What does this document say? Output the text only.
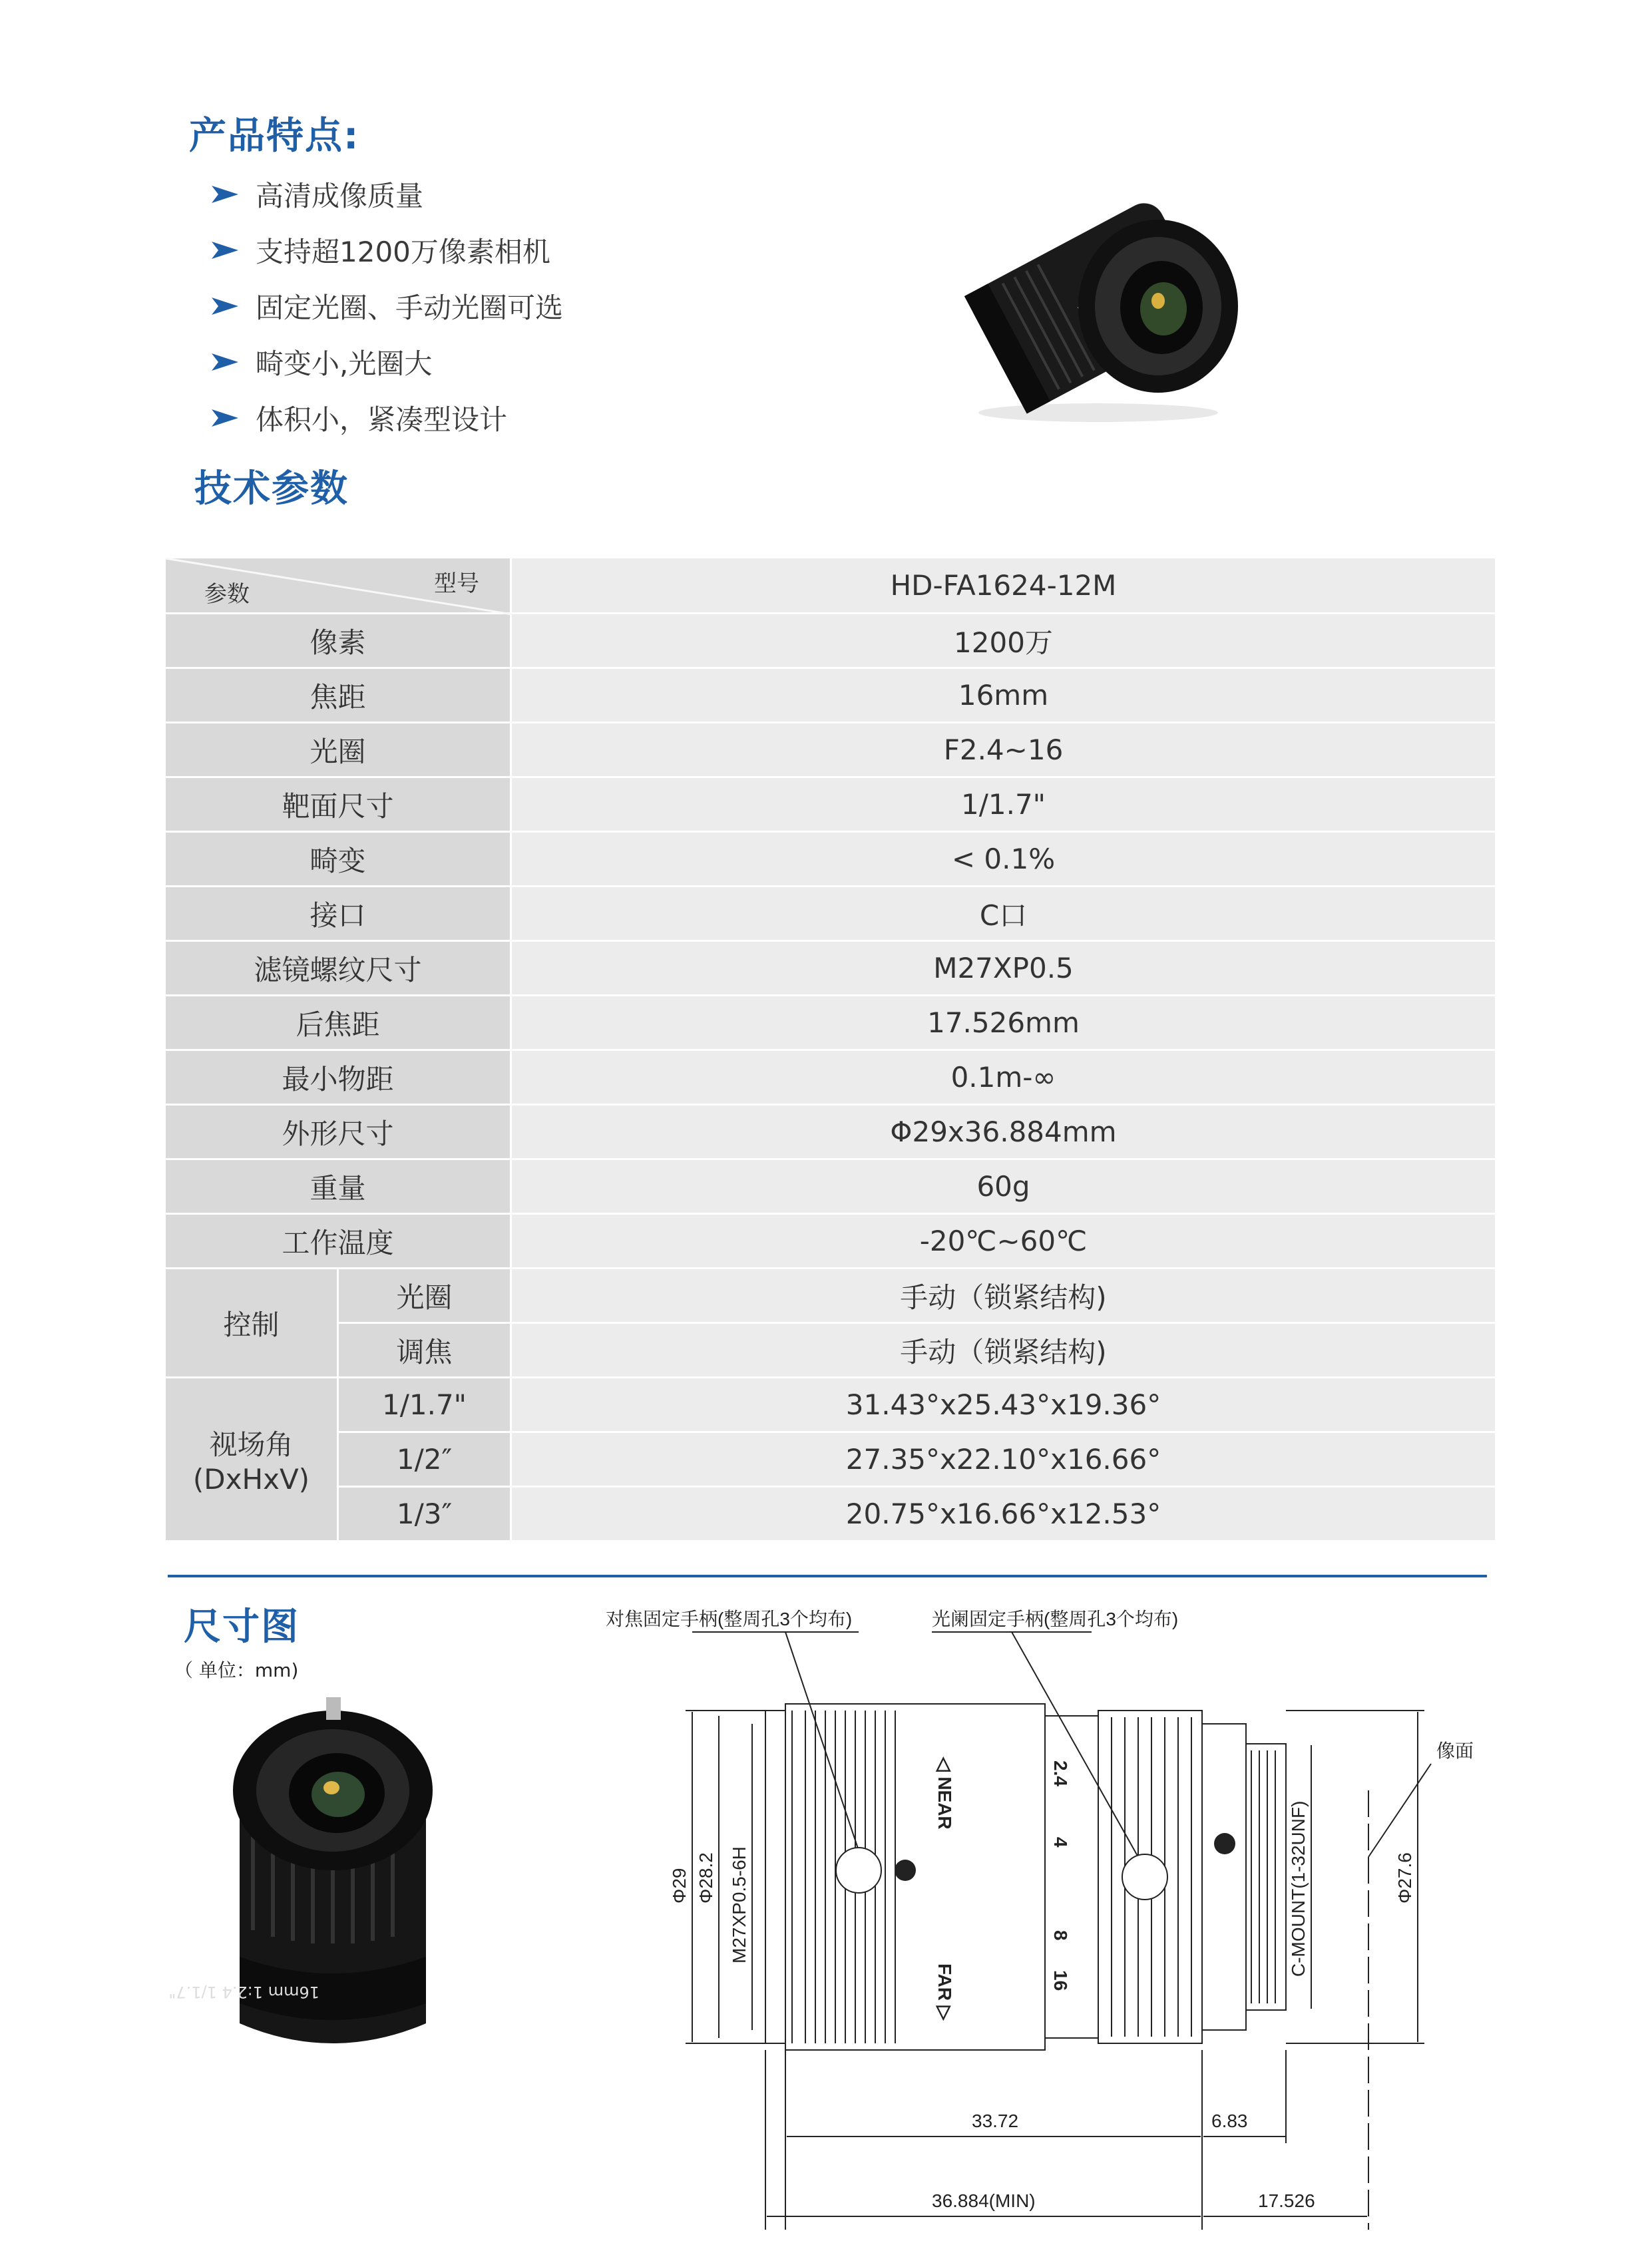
产品特点:
高清成像质量
支持超1200万像素相机
固定光圈、手动光圈可选
畸变小,光圈大
体积小，紧凑型设计
技术参数
型号
参数		HD-FA1624-12M
像素		1200万
焦距		16mm
光圈		F2.4~16
靶面尺寸		1/1.7"
畸变		< 0.1%
接口		C口
滤镜螺纹尺寸		M27XP0.5
后焦距		17.526mm
最小物距		0.1m-∞
外形尺寸		Φ29x36.884mm
重量		60g
工作温度		-20℃~60℃
控制	光圈	手动（锁紧结构)
	调焦	手动（锁紧结构)

视场角
(DxHxV)	1/1.7"	31.43°x25.43°x19.36°
	1/2″	27.35°x22.10°x16.66°
	1/3″	20.75°x16.66°x12.53°
尺寸图
（ 单位：mm)
16mm 1:2.4 1/1.7"
对焦固定手柄(整周孔3个均布)	光阑固定手柄(整周孔3个均布)
◁ NEAR
FAR ▷
2.4
4
8
16
Φ29 Φ28.2 M27XP0.5-6H	C-MOUNT(1-32UNF)	Φ27.6
像面
33.72	6.83
36.884(MIN)	17.526
